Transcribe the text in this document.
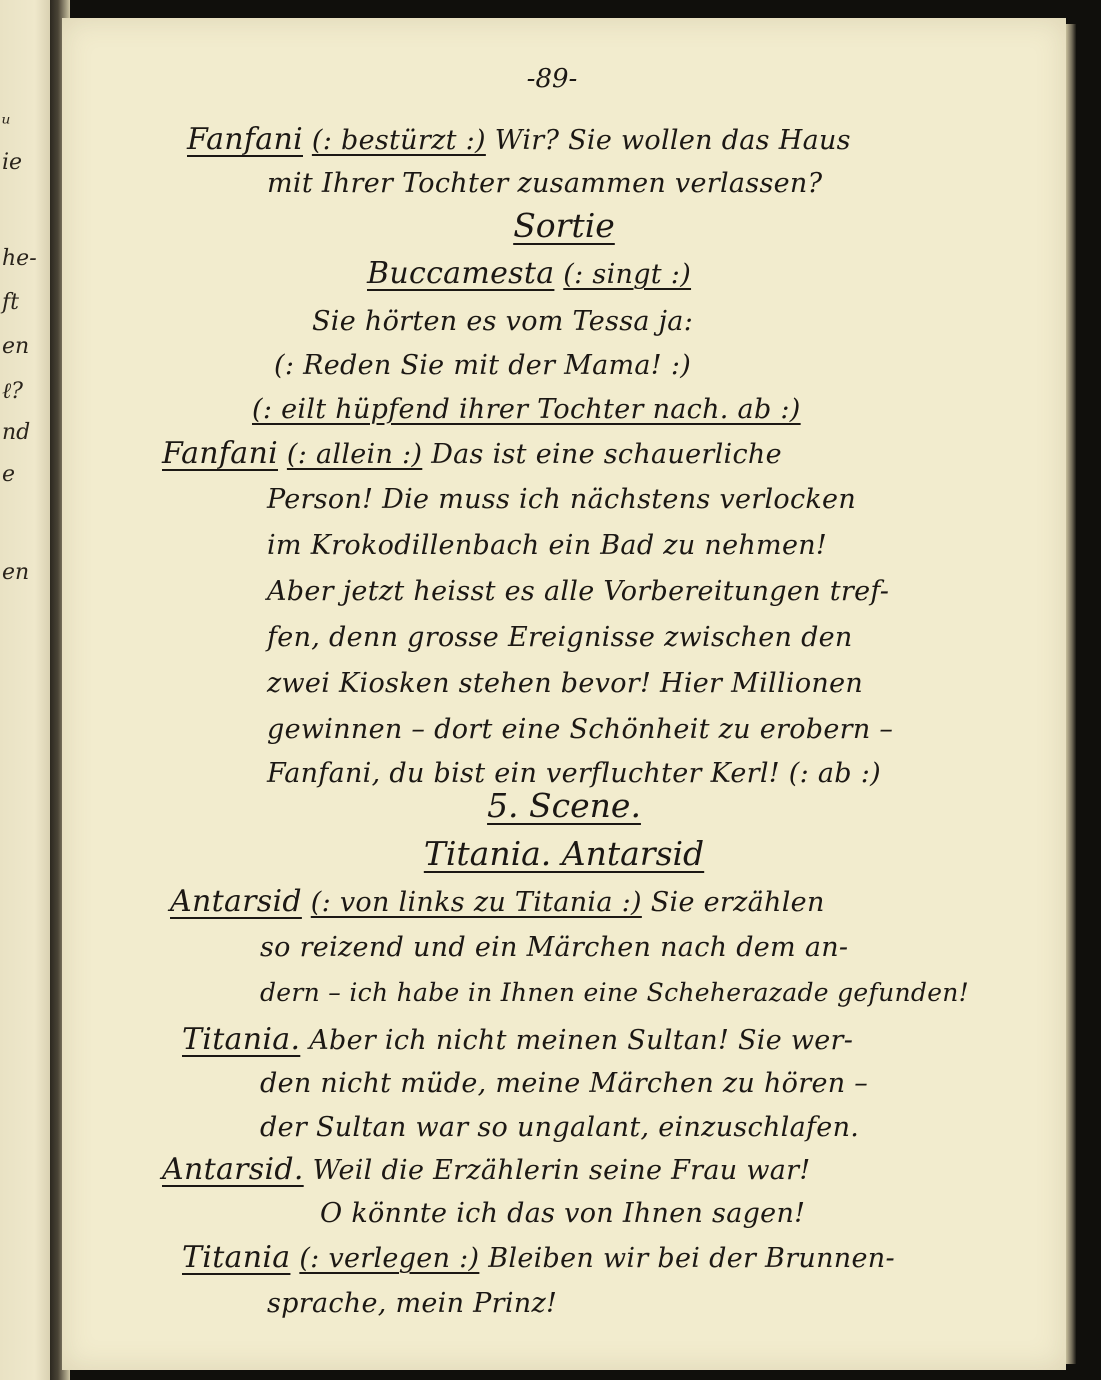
ᵘ
ie
he-
ft
en
ℓ?
nd
e
en
-89-
Fanfani (: bestürzt :) Wir? Sie wollen das Haus
mit Ihrer Tochter zusammen verlassen?
Sortie
Buccamesta (: singt :)
Sie hörten es vom Tessa ja:
(: Reden Sie mit der Mama! :)
(: eilt hüpfend ihrer Tochter nach. ab :)
Fanfani (: allein :) Das ist eine schauerliche
Person! Die muss ich nächstens verlocken
im Krokodillenbach ein Bad zu nehmen!
Aber jetzt heisst es alle Vorbereitungen tref-
fen, denn grosse Ereignisse zwischen den
zwei Kiosken stehen bevor! Hier Millionen
gewinnen – dort eine Schönheit zu erobern –
Fanfani, du bist ein verfluchter Kerl! (: ab :)
5. Scene.
Titania. Antarsid
Antarsid (: von links zu Titania :) Sie erzählen
so reizend und ein Märchen nach dem an-
dern – ich habe in Ihnen eine Scheherazade gefunden!
Titania. Aber ich nicht meinen Sultan! Sie wer-
den nicht müde, meine Märchen zu hören –
der Sultan war so ungalant, einzuschlafen.
Antarsid. Weil die Erzählerin seine Frau war!
O könnte ich das von Ihnen sagen!
Titania (: verlegen :) Bleiben wir bei der Brunnen-
sprache, mein Prinz!
